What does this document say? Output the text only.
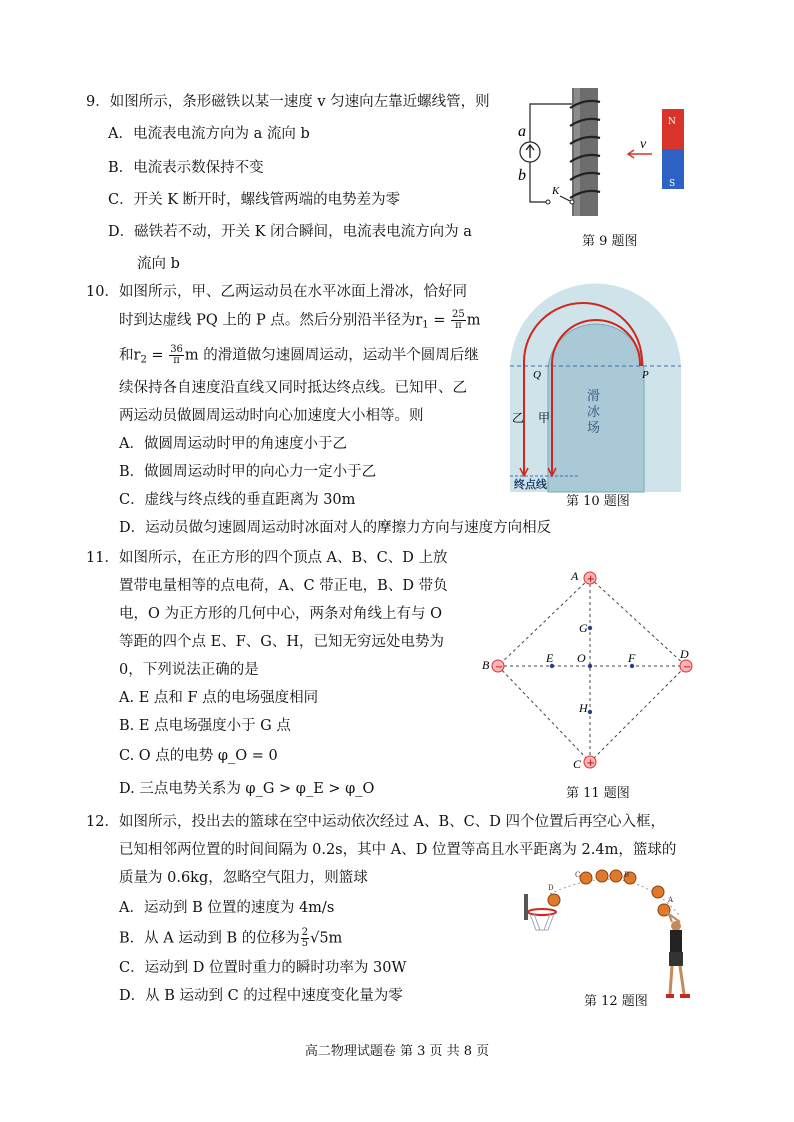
9．如图所示，条形磁铁以某一速度 v 匀速向左靠近螺线管，则
A．电流表电流方向为 a 流向 b
B．电流表示数保持不变
C．开关 K 断开时，螺线管两端的电势差为零
D．磁铁若不动，开关 K 闭合瞬间，电流表电流方向为 a
流向 b
a
b
K
N
S
v
第 9 题图
10．如图所示，甲、乙两运动员在水平冰面上滑冰，恰好同
时到达虚线 PQ 上的 P 点。然后分别沿半径为$r_1 = \frac{25}{\pi}$ m
和$r_2 = \frac{36}{\pi}$ m 的滑道做匀速圆周运动，运动半个圆周后继
续保持各自速度沿直线又同时抵达终点线。已知甲、乙
两运动员做圆周运动时向心加速度大小相等。则
A．做圆周运动时甲的角速度小于乙
B．做圆周运动时甲的向心力一定小于乙
C．虚线与终点线的垂直距离为 30m
D．运动员做匀速圆周运动时冰面对人的摩擦力方向与速度方向相反
Q	P
滑
冰
场
乙 甲
终点线
第 10 题图
11．如图所示，在正方形的四个顶点 A、B、C、D 上放
置带电量相等的点电荷，A、C 带正电，B、D 带负
电，O 为正方形的几何中心，两条对角线上有与 O
等距的四个点 E、F、G、H，已知无穷远处电势为
0，下列说法正确的是
A. E 点和 F 点的电场强度相同
B. E 点电场强度小于 G 点
C. O 点的电势 φ_O = 0
D. 三点电势关系为 φ_G > φ_E > φ_O
+
−
+
−
A
B
C
D
E	F
G
H
O
第 11 题图
12．如图所示，投出去的篮球在空中运动依次经过 A、B、C、D 四个位置后再空心入框，
已知相邻两位置的时间间隔为 0.2s，其中 A、D 位置等高且水平距离为 2.4m，篮球的
质量为 0.6kg，忽略空气阻力，则篮球
A．运动到 B 位置的速度为 4m/s
B．从 A 运动到 B 的位移为 $\frac{2}{5} √5m$
C．运动到 D 位置时重力的瞬时功率为 30W
D．从 B 运动到 C 的过程中速度变化量为零
D
C	B
A
第 12 题图
高二物理试题卷 第 3 页 共 8 页
